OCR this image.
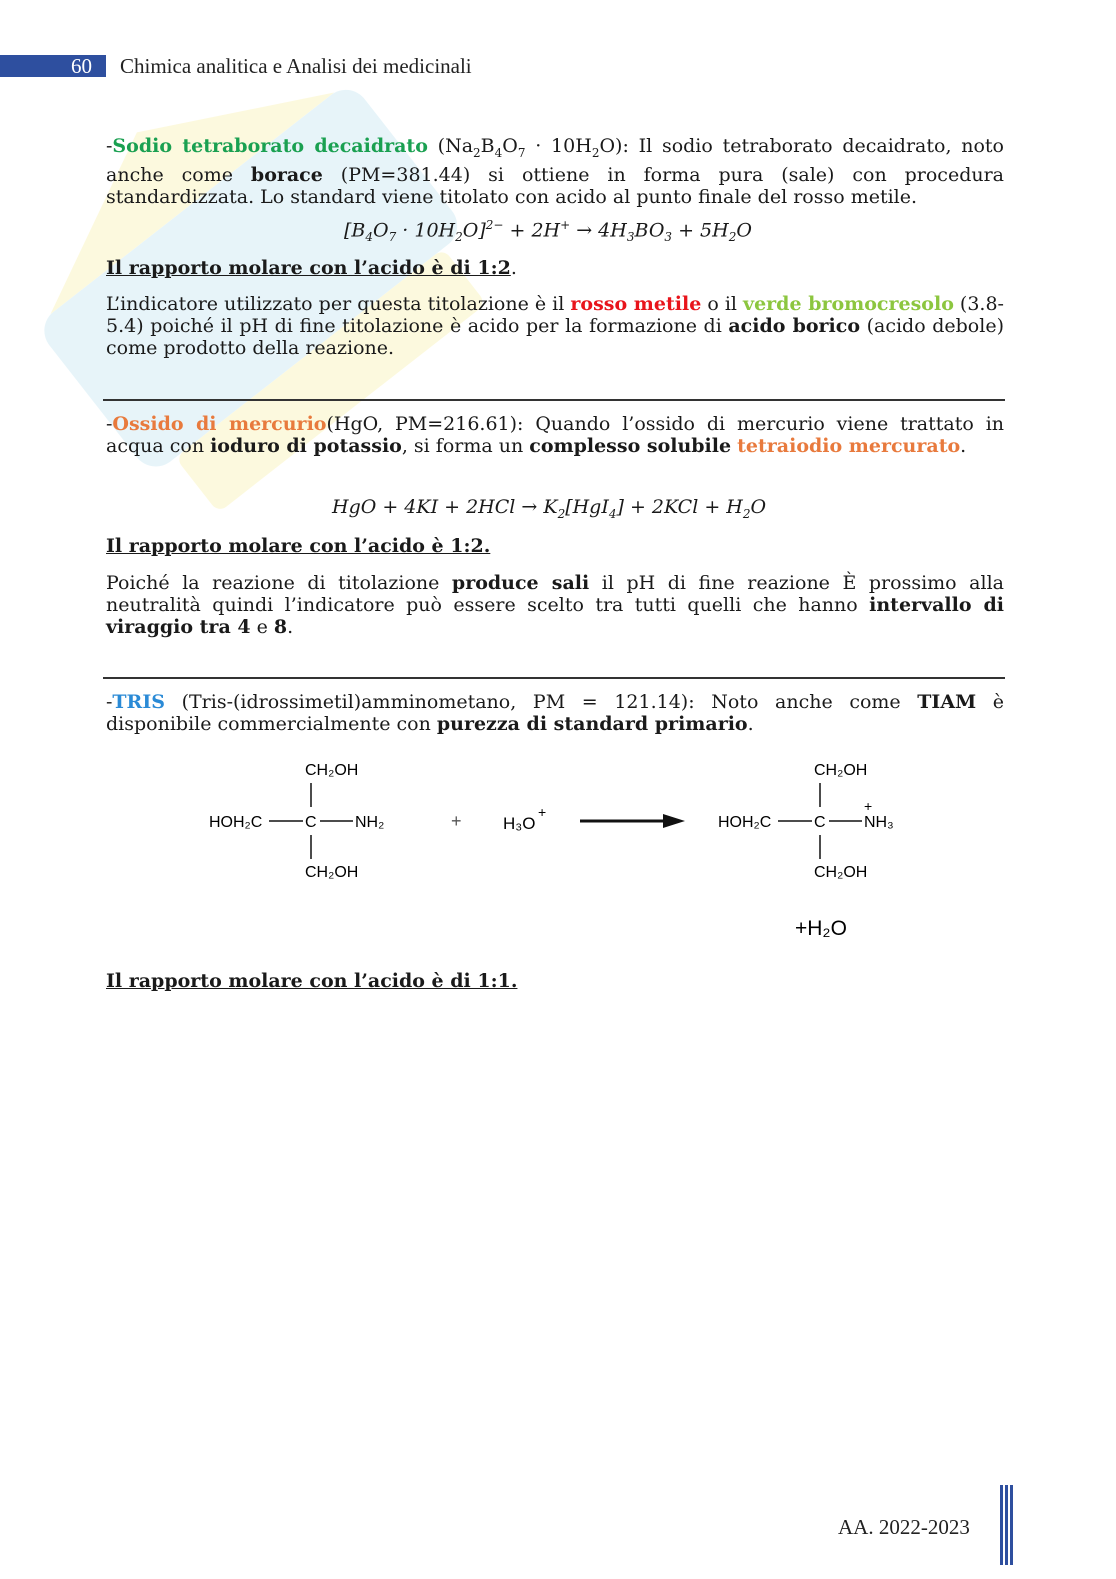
60 Chimica analitica e Analisi dei medicinali

-Sodio tetraborato decaidrato $(Na_2B_4O_7 \cdot 10H_2O)$: Il sodio tetraborato decaidrato, noto anche come borace (PM=381.44) si ottiene in forma pura (sale) con procedura standardizzata. Lo standard viene titolato con acido al punto finale del rosso metile.

$[B_4O_7 \cdot 10H_2O]^{2-} + 2H^+ \to 4H_3BO_3 + 5H_2O$

Il rapporto molare con l’acido è di 1:2.

L’indicatore utilizzato per questa titolazione è il rosso metile o il verde bromocresolo (3.8-5.4) poiché il pH di fine titolazione è acido per la formazione di acido borico (acido debole) come prodotto della reazione.

-Ossido di mercurio(HgO, PM=216.61): Quando l’ossido di mercurio viene trattato in acqua con ioduro di potassio, si forma un complesso solubile tetraiodio mercurato.

HgO + $4KI + 2HCl \to K_2[HgI_4] + 2KCl + H_2O$

Il rapporto molare con l’acido è 1:2.

Poiché la reazione di titolazione produce sali il pH di fine reazione È prossimo alla neutralità quindi l’indicatore può essere scelto tra tutti quelli che hanno intervallo di viraggio tra 4 e 8.

-TRIS (Tris-(idrossimetil)amminometano, PM = 121.14): Noto anche come TIAM è disponibile commercialmente con purezza di standard primario.

Il rapporto molare con l’acido è di 1:1.

CH₂OH
HOH₂C	C NH₂
CH₂OH
+ H₃O
+
CH₂OH
HOH₂C	C
+
NH₃
CH₂OH
+H₂O
AA. 2022-2023
